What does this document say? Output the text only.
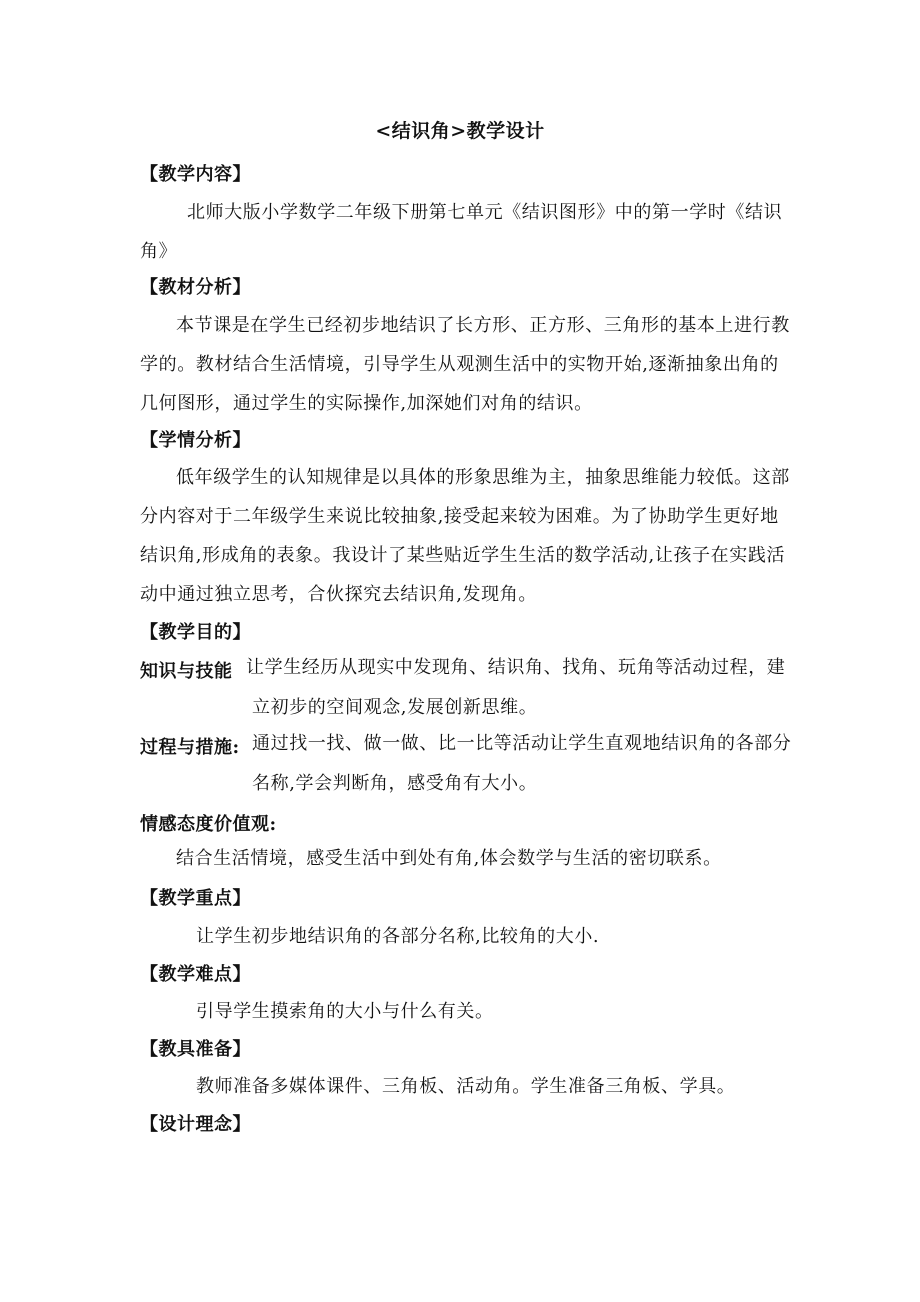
<结识角>教学设计
【教学内容】
北师大版小学数学二年级下册第七单元《结识图形》中的第一学时《结识
角》
【教材分析】
本节课是在学生已经初步地结识了长方形、正方形、三角形的基本上进行教
学的。教材结合生活情境，引导学生从观测生活中的实物开始,逐渐抽象出角的
几何图形，通过学生的实际操作,加深她们对角的结识。
【学情分析】
低年级学生的认知规律是以具体的形象思维为主，抽象思维能力较低。这部
分内容对于二年级学生来说比较抽象,接受起来较为困难。为了协助学生更好地
结识角,形成角的表象。我设计了某些贴近学生生活的数学活动,让孩子在实践活
动中通过独立思考，合伙探究去结识角,发现角。
【教学目的】
知识与技能 让学生经历从现实中发现角、结识角、找角、玩角等活动过程，建
立初步的空间观念,发展创新思维。
过程与措施: 通过找一找、做一做、比一比等活动让学生直观地结识角的各部分
名称,学会判断角，感受角有大小。
情感态度价值观:
结合生活情境，感受生活中到处有角,体会数学与生活的密切联系。
【教学重点】
让学生初步地结识角的各部分名称,比较角的大小.
【教学难点】
引导学生摸索角的大小与什么有关。
【教具准备】
教师准备多媒体课件、三角板、活动角。学生准备三角板、学具。
【设计理念】
